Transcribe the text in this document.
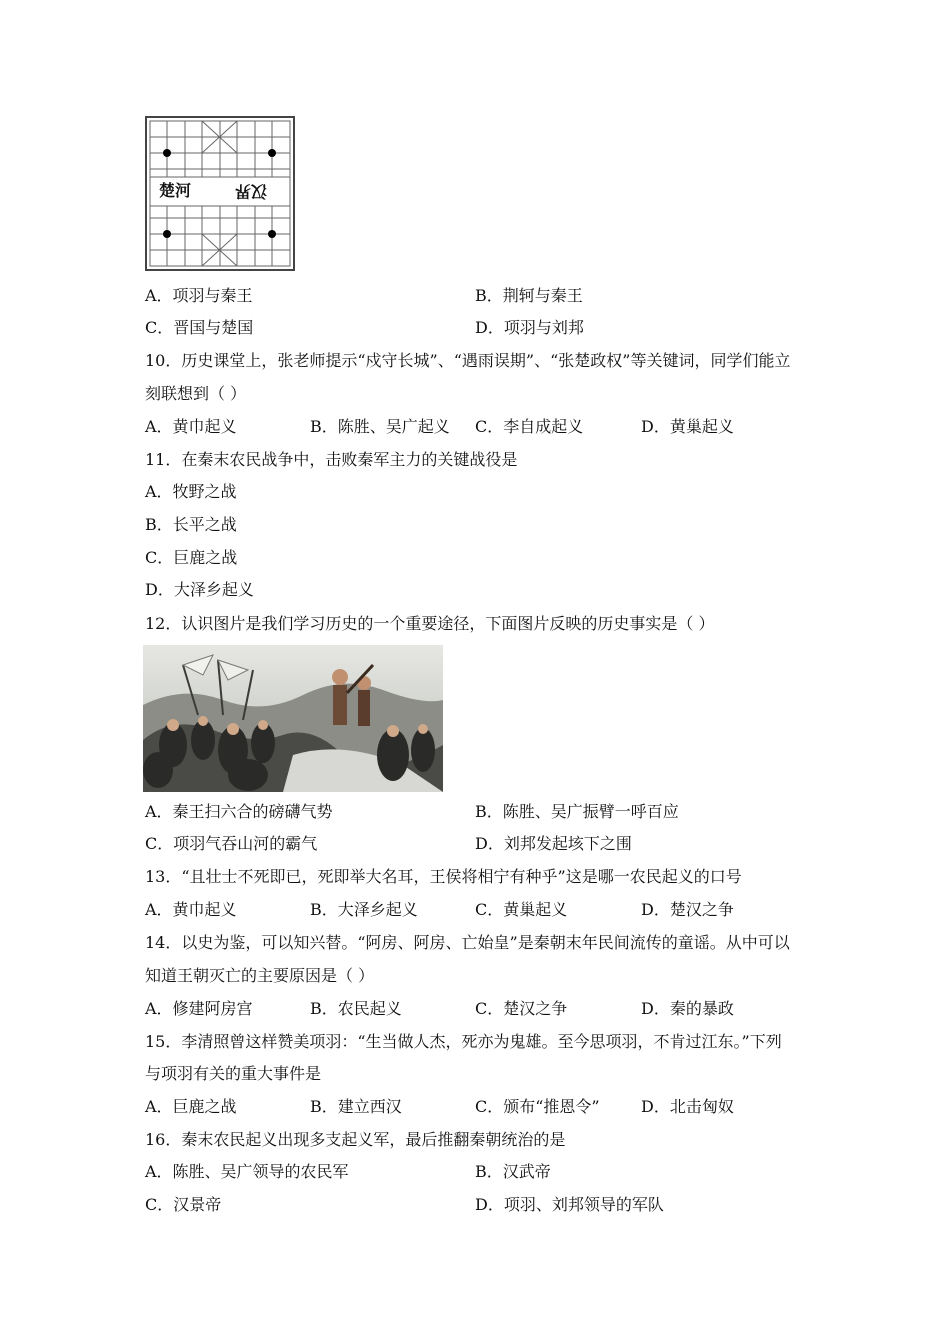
楚河	汉界
A．项羽与秦王	B．荆轲与秦王
C．晋国与楚国	D．项羽与刘邦
10．历史课堂上，张老师提示“戍守长城”、“遇雨误期”、“张楚政权”等关键词，同学们能立
刻联想到（ ）
A．黄巾起义	B．陈胜、吴广起义 C．李自成起义	D．黄巢起义
11．在秦末农民战争中，击败秦军主力的关键战役是
A．牧野之战
B．长平之战
C．巨鹿之战
D．大泽乡起义
12．认识图片是我们学习历史的一个重要途径，下面图片反映的历史事实是（ ）
A．秦王扫六合的磅礴气势	B．陈胜、吴广振臂一呼百应
C．项羽气吞山河的霸气	D．刘邦发起垓下之围
13．“且壮士不死即已，死即举大名耳，王侯将相宁有种乎”这是哪一农民起义的口号
A．黄巾起义	B．大泽乡起义	C．黄巢起义	D．楚汉之争
14．以史为鉴，可以知兴替。“阿房、阿房、亡始皇”是秦朝末年民间流传的童谣。从中可以
知道王朝灭亡的主要原因是（ ）
A．修建阿房宫	B．农民起义	C．楚汉之争	D．秦的暴政
15．李清照曾这样赞美项羽：“生当做人杰，死亦为鬼雄。至今思项羽，不肯过江东。”下列
与项羽有关的重大事件是
A．巨鹿之战	B．建立西汉	C．颁布“推恩令”	D．北击匈奴
16．秦末农民起义出现多支起义军，最后推翻秦朝统治的是
A．陈胜、吴广领导的农民军	B．汉武帝
C．汉景帝	D．项羽、刘邦领导的军队
